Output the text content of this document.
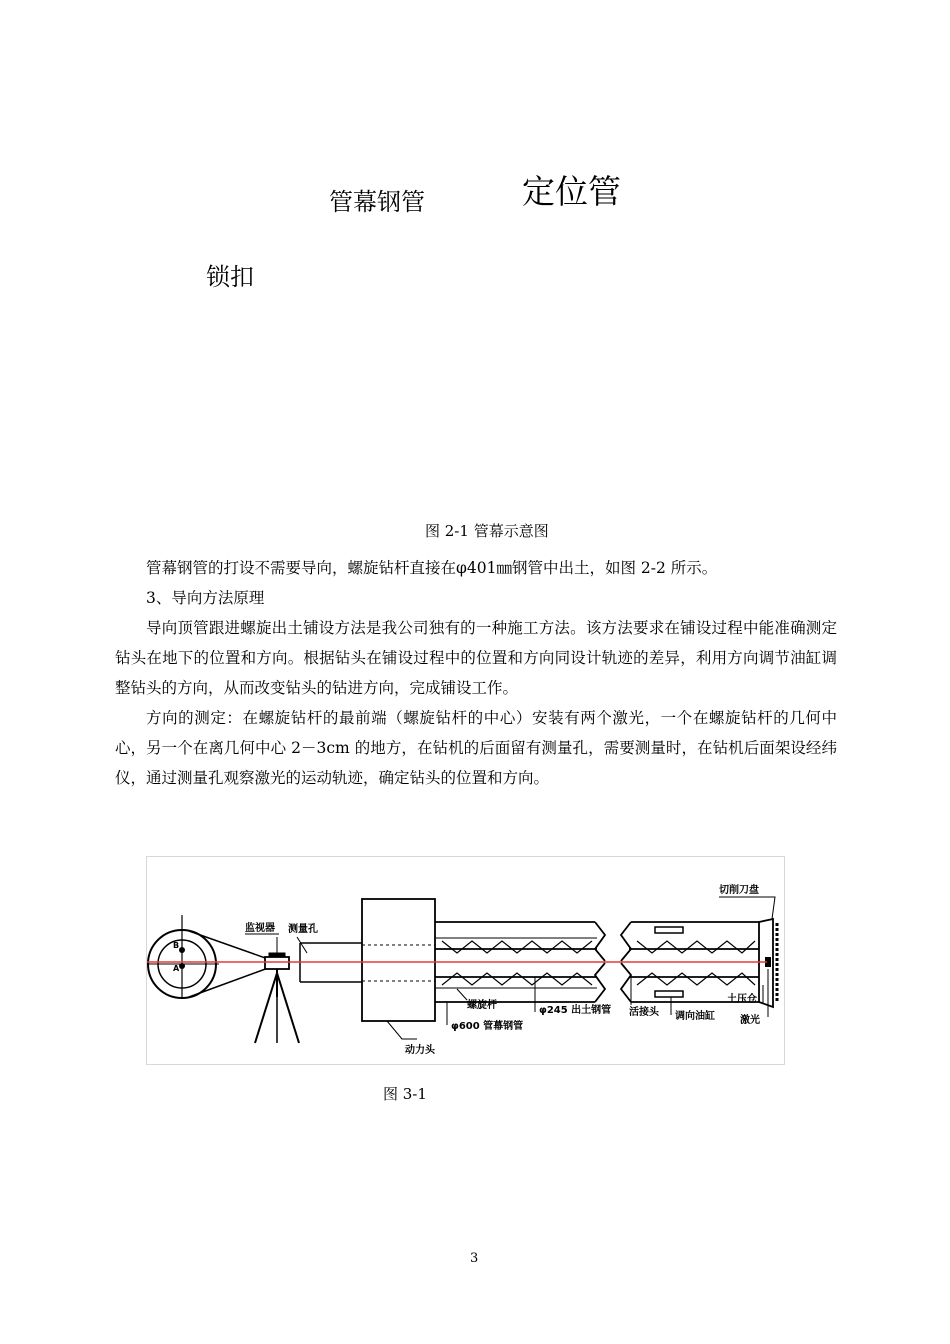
管幕钢管	定位管
锁扣
图 2-1 管幕示意图

管幕钢管的打设不需要导向，螺旋钻杆直接在φ401㎜钢管中出土，如图 2-2 所示。

3、导向方法原理

导向顶管跟进螺旋出土铺设方法是我公司独有的一种施工方法。该方法要求在铺设过程中能准确测定钻头在地下的位置和方向。根据钻头在铺设过程中的位置和方向同设计轨迹的差异，利用方向调节油缸调整钻头的方向，从而改变钻头的钻进方向，完成铺设工作。

方向的测定：在螺旋钻杆的最前端（螺旋钻杆的中心）安装有两个激光，一个在螺旋钻杆的几何中心，另一个在离几何中心 2－3cm 的地方，在钻机的后面留有测量孔，需要测量时，在钻机后面架设经纬仪，通过测量孔观察激光的运动轨迹，确定钻头的位置和方向。

B
A
监视器 测量孔
动力头
切削刀盘
螺旋杆
φ600 管幕钢管
φ245 出土钢管 活接头 调向油缸
土压仓
激光
图 3-1
3
